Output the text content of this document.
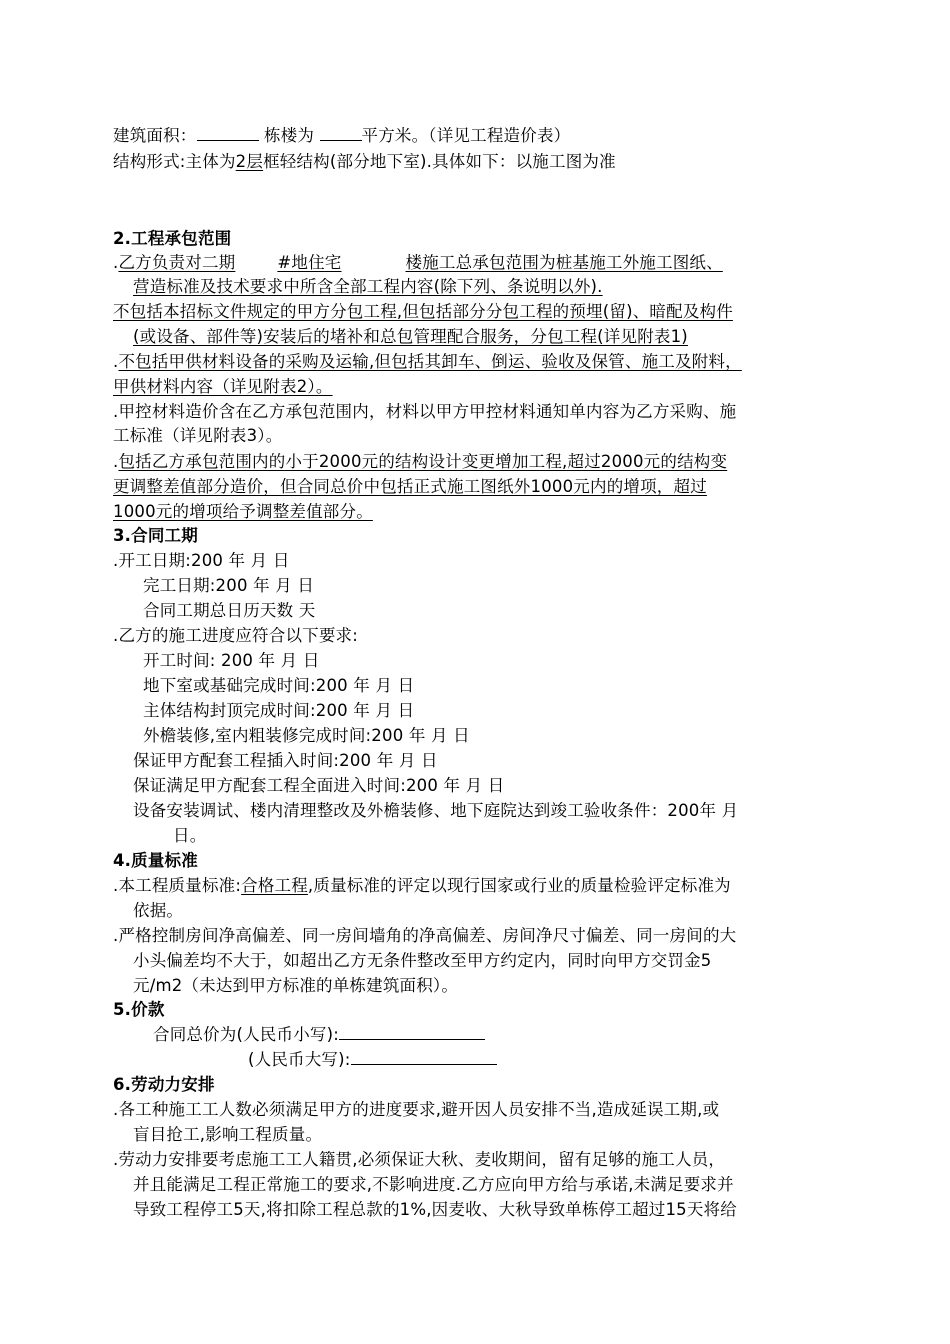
建筑面积：	栋楼为	平方米。（详见工程造价表）
结构形式:主体为2层框轻结构(部分地下室).具体如下：以施工图为准
2.工程承包范围
.乙方负责对二期	#地住宅	楼施工总承包范围为桩基施工外施工图纸、
营造标准及技术要求中所含全部工程内容(除下列、条说明以外).
不包括本招标文件规定的甲方分包工程,但包括部分分包工程的预埋(留)、暗配及构件
(或设备、部件等)安装后的堵补和总包管理配合服务，分包工程(详见附表1)
.不包括甲供材料设备的采购及运输,但包括其卸车、倒运、验收及保管、施工及附料，
甲供材料内容（详见附表2）。
.甲控材料造价含在乙方承包范围内，材料以甲方甲控材料通知单内容为乙方采购、施
工标准（详见附表3）。
.包括乙方承包范围内的小于2000元的结构设计变更增加工程,超过2000元的结构变
更调整差值部分造价，但合同总价中包括正式施工图纸外1000元内的增项，超过
1000元的增项给予调整差值部分。
3.合同工期
.开工日期:200 年 月 日
完工日期:200 年 月 日
合同工期总日历天数 天
.乙方的施工进度应符合以下要求:
开工时间: 200 年 月 日
地下室或基础完成时间:200 年 月 日
主体结构封顶完成时间:200 年 月 日
外檐装修,室内粗装修完成时间:200 年 月 日
保证甲方配套工程插入时间:200 年 月 日
保证满足甲方配套工程全面进入时间:200 年 月 日
设备安装调试、楼内清理整改及外檐装修、地下庭院达到竣工验收条件：200年 月
日。
4.质量标准
.本工程质量标准:合格工程,质量标准的评定以现行国家或行业的质量检验评定标准为
依据。
.严格控制房间净高偏差、同一房间墙角的净高偏差、房间净尺寸偏差、同一房间的大
小头偏差均不大于，如超出乙方无条件整改至甲方约定内，同时向甲方交罚金5
元/m2（未达到甲方标准的单栋建筑面积）。
5.价款
合同总价为(人民币小写):
(人民币大写):
6.劳动力安排
.各工种施工工人数必须满足甲方的进度要求,避开因人员安排不当,造成延误工期,或
盲目抢工,影响工程质量。
.劳动力安排要考虑施工工人籍贯,必须保证大秋、麦收期间，留有足够的施工人员，
并且能满足工程正常施工的要求,不影响进度.乙方应向甲方给与承诺,未满足要求并
导致工程停工5天,将扣除工程总款的1%,因麦收、大秋导致单栋停工超过15天将给
